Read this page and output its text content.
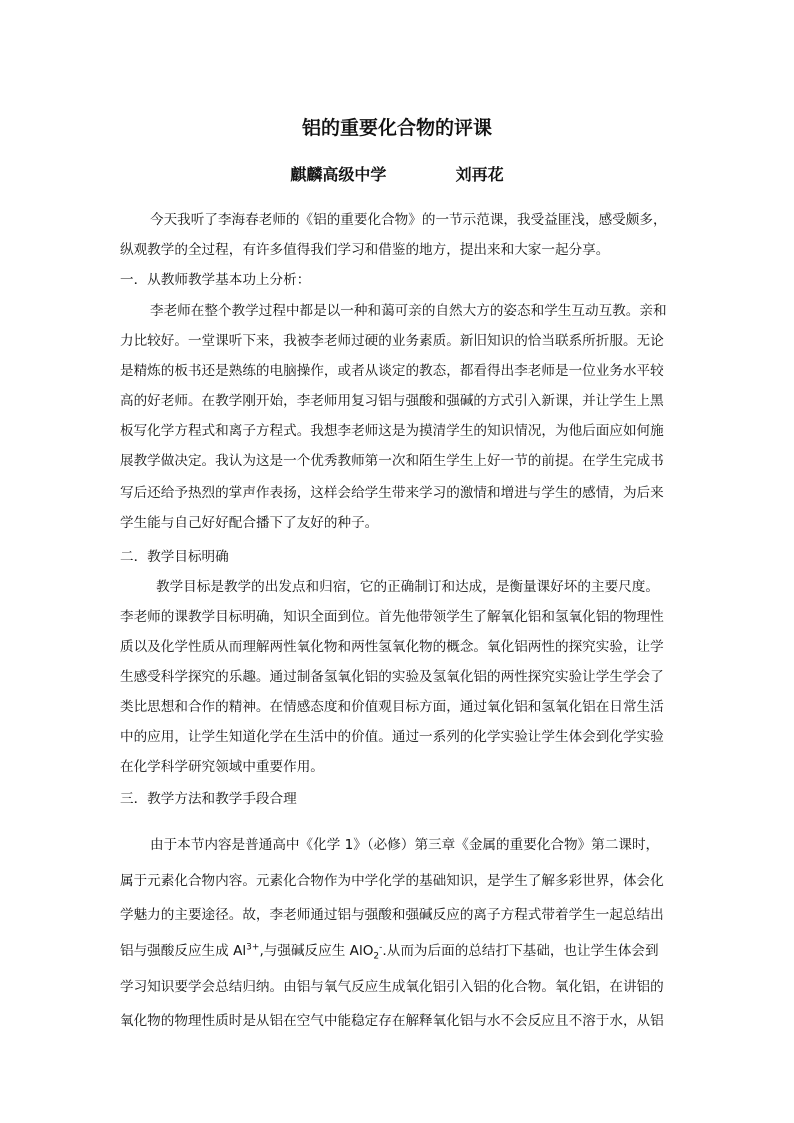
铝的重要化合物的评课
麒麟高级中学	刘再花
今天我听了李海春老师的《铝的重要化合物》的一节示范课，我受益匪浅，感受颇多，
纵观教学的全过程，有许多值得我们学习和借鉴的地方，提出来和大家一起分享。
一．从教师教学基本功上分析：
李老师在整个教学过程中都是以一种和蔼可亲的自然大方的姿态和学生互动互教。亲和
力比较好。一堂课听下来，我被李老师过硬的业务素质。新旧知识的恰当联系所折服。无论
是精炼的板书还是熟练的电脑操作，或者从谈定的教态，都看得出李老师是一位业务水平较
高的好老师。在教学刚开始，李老师用复习铝与强酸和强碱的方式引入新课，并让学生上黑
板写化学方程式和离子方程式。我想李老师这是为摸清学生的知识情况，为他后面应如何施
展教学做决定。我认为这是一个优秀教师第一次和陌生学生上好一节的前提。在学生完成书
写后还给予热烈的掌声作表扬，这样会给学生带来学习的激情和增进与学生的感情，为后来
学生能与自己好好配合播下了友好的种子。
二．教学目标明确
教学目标是教学的出发点和归宿，它的正确制订和达成，是衡量课好坏的主要尺度。
李老师的课教学目标明确，知识全面到位。首先他带领学生了解氧化铝和氢氧化铝的物理性
质以及化学性质从而理解两性氧化物和两性氢氧化物的概念。氧化铝两性的探究实验，让学
生感受科学探究的乐趣。通过制备氢氧化铝的实验及氢氧化铝的两性探究实验让学生学会了
类比思想和合作的精神。在情感态度和价值观目标方面，通过氧化铝和氢氧化铝在日常生活
中的应用，让学生知道化学在生活中的价值。通过一系列的化学实验让学生体会到化学实验
在化学科学研究领域中重要作用。
三．教学方法和教学手段合理
由于本节内容是普通高中《化学 1》（必修）第三章《金属的重要化合物》第二课时，
属于元素化合物内容。元素化合物作为中学化学的基础知识，是学生了解多彩世界，体会化
学魅力的主要途径。故，李老师通过铝与强酸和强碱反应的离子方程式带着学生一起总结出
铝与强酸反应生成 $Al^{3+}$,与强碱反应生 AlO$_2$-.从而为后面的总结打下基础，也让学生体会到
学习知识要学会总结归纳。由铝与氧气反应生成氧化铝引入铝的化合物。氧化铝，在讲铝的
氧化物的物理性质时是从铝在空气中能稳定存在解释氧化铝与水不会反应且不溶于水，从铝
